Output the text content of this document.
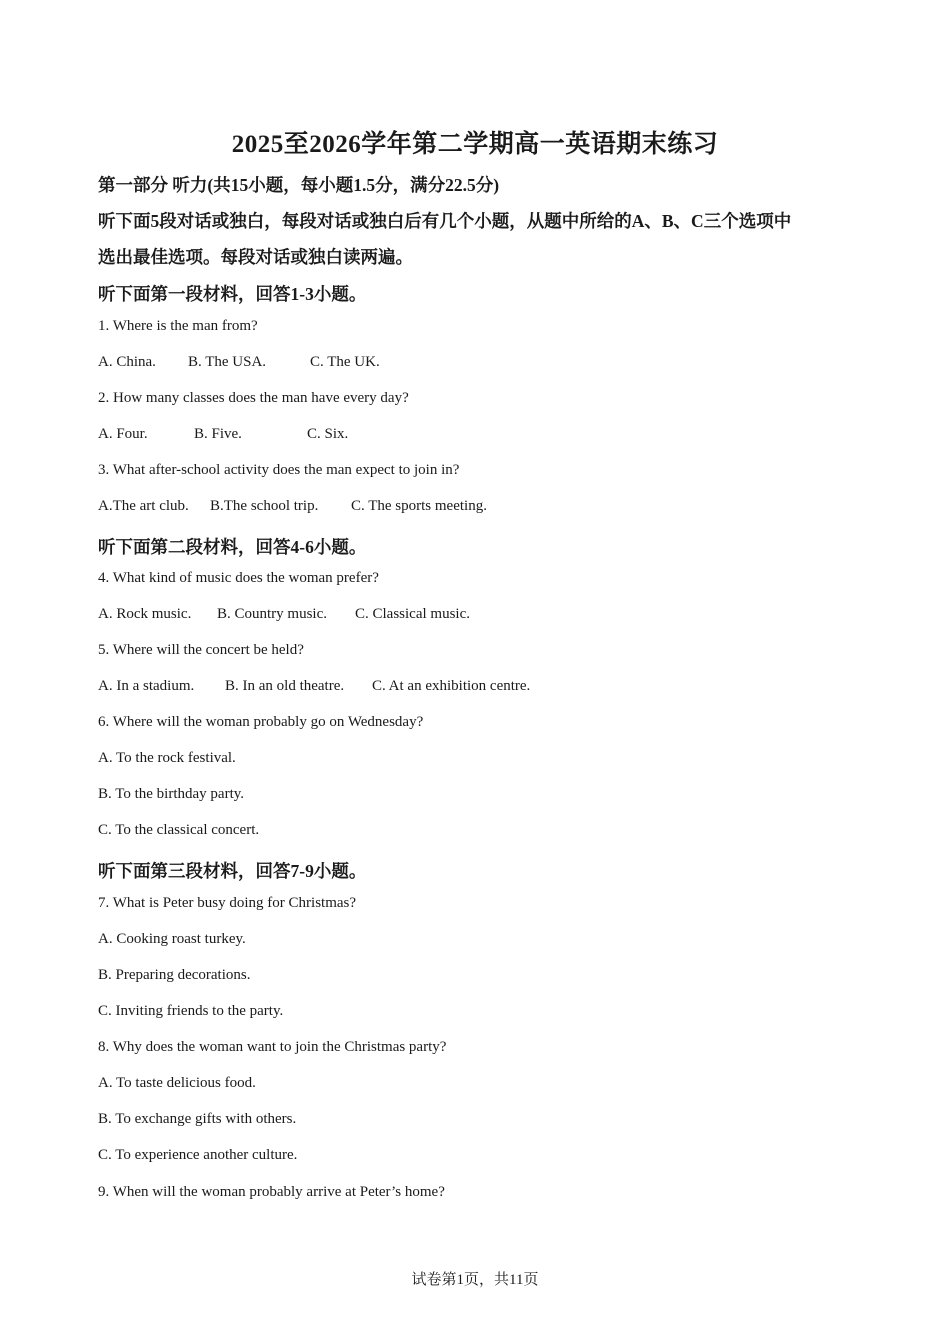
2025至2026学年第二学期高一英语期末练习
第一部分 听力(共15小题，每小题1.5分，满分22.5分)
听下面5段对话或独白，每段对话或独白后有几个小题，从题中所给的A、B、C三个选项中
选出最佳选项。每段对话或独白读两遍。
听下面第一段材料，回答1-3小题。
1. Where is the man from?
A. China. B. The USA.	C. The UK.
2. How many classes does the man have every day?
A. Four.	B. Five.	C. Six.
3. What after-school activity does the man expect to join in?
A.The art club. B.The school trip. C. The sports meeting.
听下面第二段材料，回答4-6小题。
4. What kind of music does the woman prefer?
A. Rock music. B. Country music. C. Classical music.
5. Where will the concert be held?
A. In a stadium. B. In an old theatre. C. At an exhibition centre.
6. Where will the woman probably go on Wednesday?
A. To the rock festival.
B. To the birthday party.
C. To the classical concert.
听下面第三段材料，回答7-9小题。
7. What is Peter busy doing for Christmas?
A. Cooking roast turkey.
B. Preparing decorations.
C. Inviting friends to the party.
8. Why does the woman want to join the Christmas party?
A. To taste delicious food.
B. To exchange gifts with others.
C. To experience another culture.
9. When will the woman probably arrive at Peter’s home?
试卷第1页，共11页
